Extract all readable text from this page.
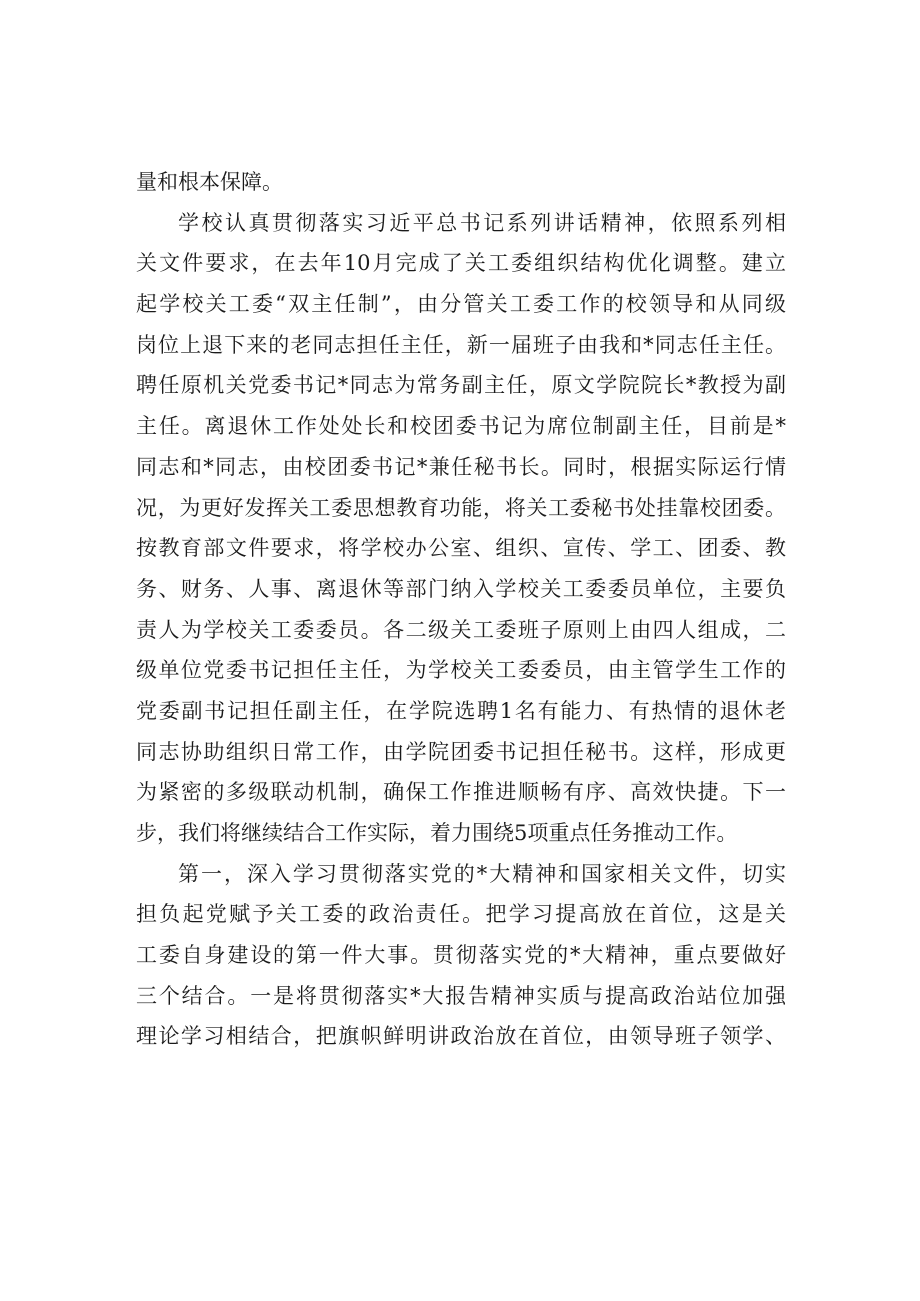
量和根本保障。
学校认真贯彻落实习近平总书记系列讲话精神，依照系列相
关文件要求，在去年10月完成了关工委组织结构优化调整。建立
起学校关工委“双主任制”，由分管关工委工作的校领导和从同级
岗位上退下来的老同志担任主任，新一届班子由我和*同志任主任。
聘任原机关党委书记*同志为常务副主任，原文学院院长*教授为副
主任。离退休工作处处长和校团委书记为席位制副主任，目前是*
同志和*同志，由校团委书记*兼任秘书长。同时，根据实际运行情
况，为更好发挥关工委思想教育功能，将关工委秘书处挂靠校团委。
按教育部文件要求，将学校办公室、组织、宣传、学工、团委、教
务、财务、人事、离退休等部门纳入学校关工委委员单位，主要负
责人为学校关工委委员。各二级关工委班子原则上由四人组成，二
级单位党委书记担任主任，为学校关工委委员，由主管学生工作的
党委副书记担任副主任，在学院选聘1名有能力、有热情的退休老
同志协助组织日常工作，由学院团委书记担任秘书。这样，形成更
为紧密的多级联动机制，确保工作推进顺畅有序、高效快捷。下一
步，我们将继续结合工作实际，着力围绕5项重点任务推动工作。
第一，深入学习贯彻落实党的*大精神和国家相关文件，切实
担负起党赋予关工委的政治责任。把学习提高放在首位，这是关
工委自身建设的第一件大事。贯彻落实党的*大精神，重点要做好
三个结合。一是将贯彻落实*大报告精神实质与提高政治站位加强
理论学习相结合，把旗帜鲜明讲政治放在首位，由领导班子领学、
